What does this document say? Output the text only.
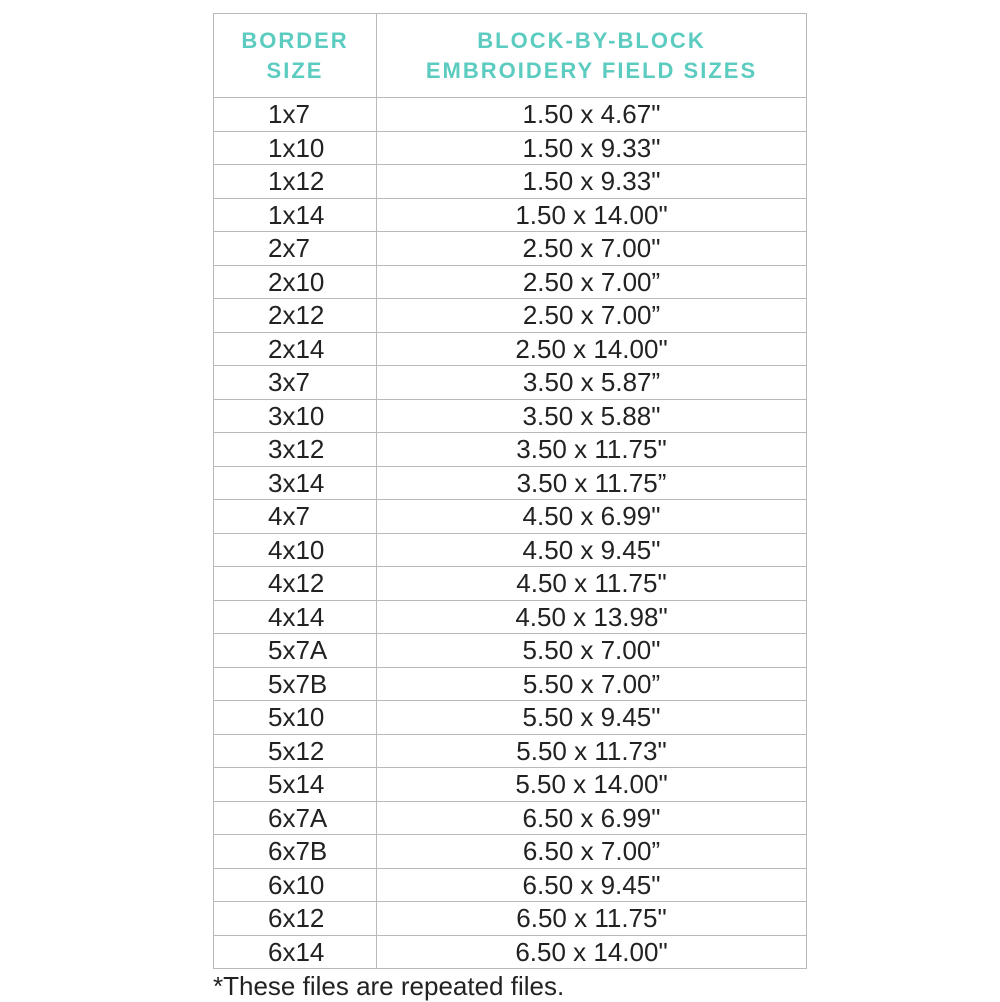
BORDER
SIZE	BLOCK-BY-BLOCK
EMBROIDERY FIELD SIZES
1x7	1.50 x 4.67"
1x10	1.50 x 9.33"
1x12	1.50 x 9.33"
1x14	1.50 x 14.00"
2x7	2.50 x 7.00"
2x10	2.50 x 7.00”
2x12	2.50 x 7.00”
2x14	2.50 x 14.00"
3x7	3.50 x 5.87”
3x10	3.50 x 5.88"
3x12	3.50 x 11.75"
3x14	3.50 x 11.75”
4x7	4.50 x 6.99"
4x10	4.50 x 9.45"
4x12	4.50 x 11.75"
4x14	4.50 x 13.98"
5x7A	5.50 x 7.00"
5x7B	5.50 x 7.00”
5x10	5.50 x 9.45"
5x12	5.50 x 11.73"
5x14	5.50 x 14.00"
6x7A	6.50 x 6.99"
6x7B	6.50 x 7.00”
6x10	6.50 x 9.45"
6x12	6.50 x 11.75"
6x14	6.50 x 14.00"
*These files are repeated files.
